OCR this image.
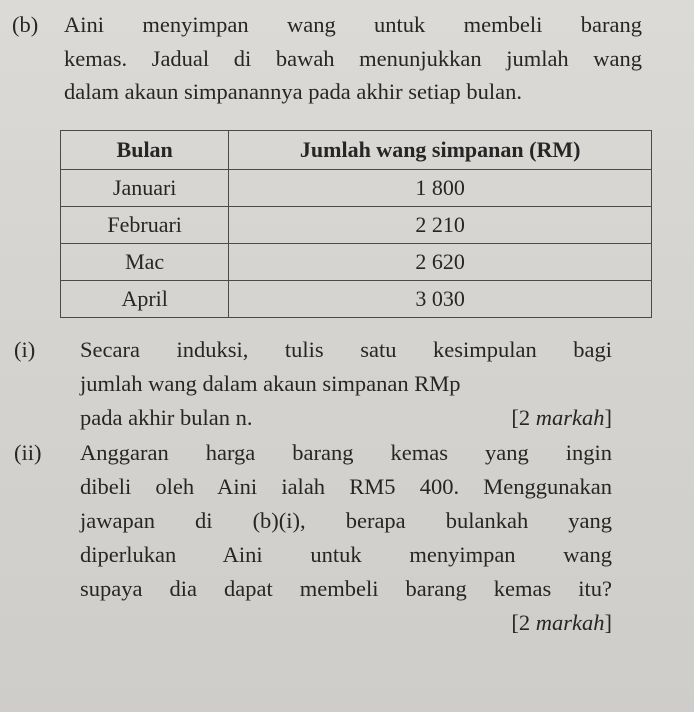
(b) Aini menyimpan wang untuk membeli barang
kemas. Jadual di bawah menunjukkan jumlah wang
dalam akaun simpanannya pada akhir setiap bulan.
Bulan	Jumlah wang simpanan (RM)
Januari	1 800
Februari	2 210
Mac	2 620
April	3 030
(i) Secara induksi, tulis satu kesimpulan bagi
jumlah wang dalam akaun simpanan RMp
pada akhir bulan n.	[2 markah]
(ii) Anggaran harga barang kemas yang ingin
dibeli oleh Aini ialah RM5 400. Menggunakan
jawapan di (b)(i), berapa bulankah yang
diperlukan Aini untuk menyimpan wang
supaya dia dapat membeli barang kemas itu?
[2 markah]
